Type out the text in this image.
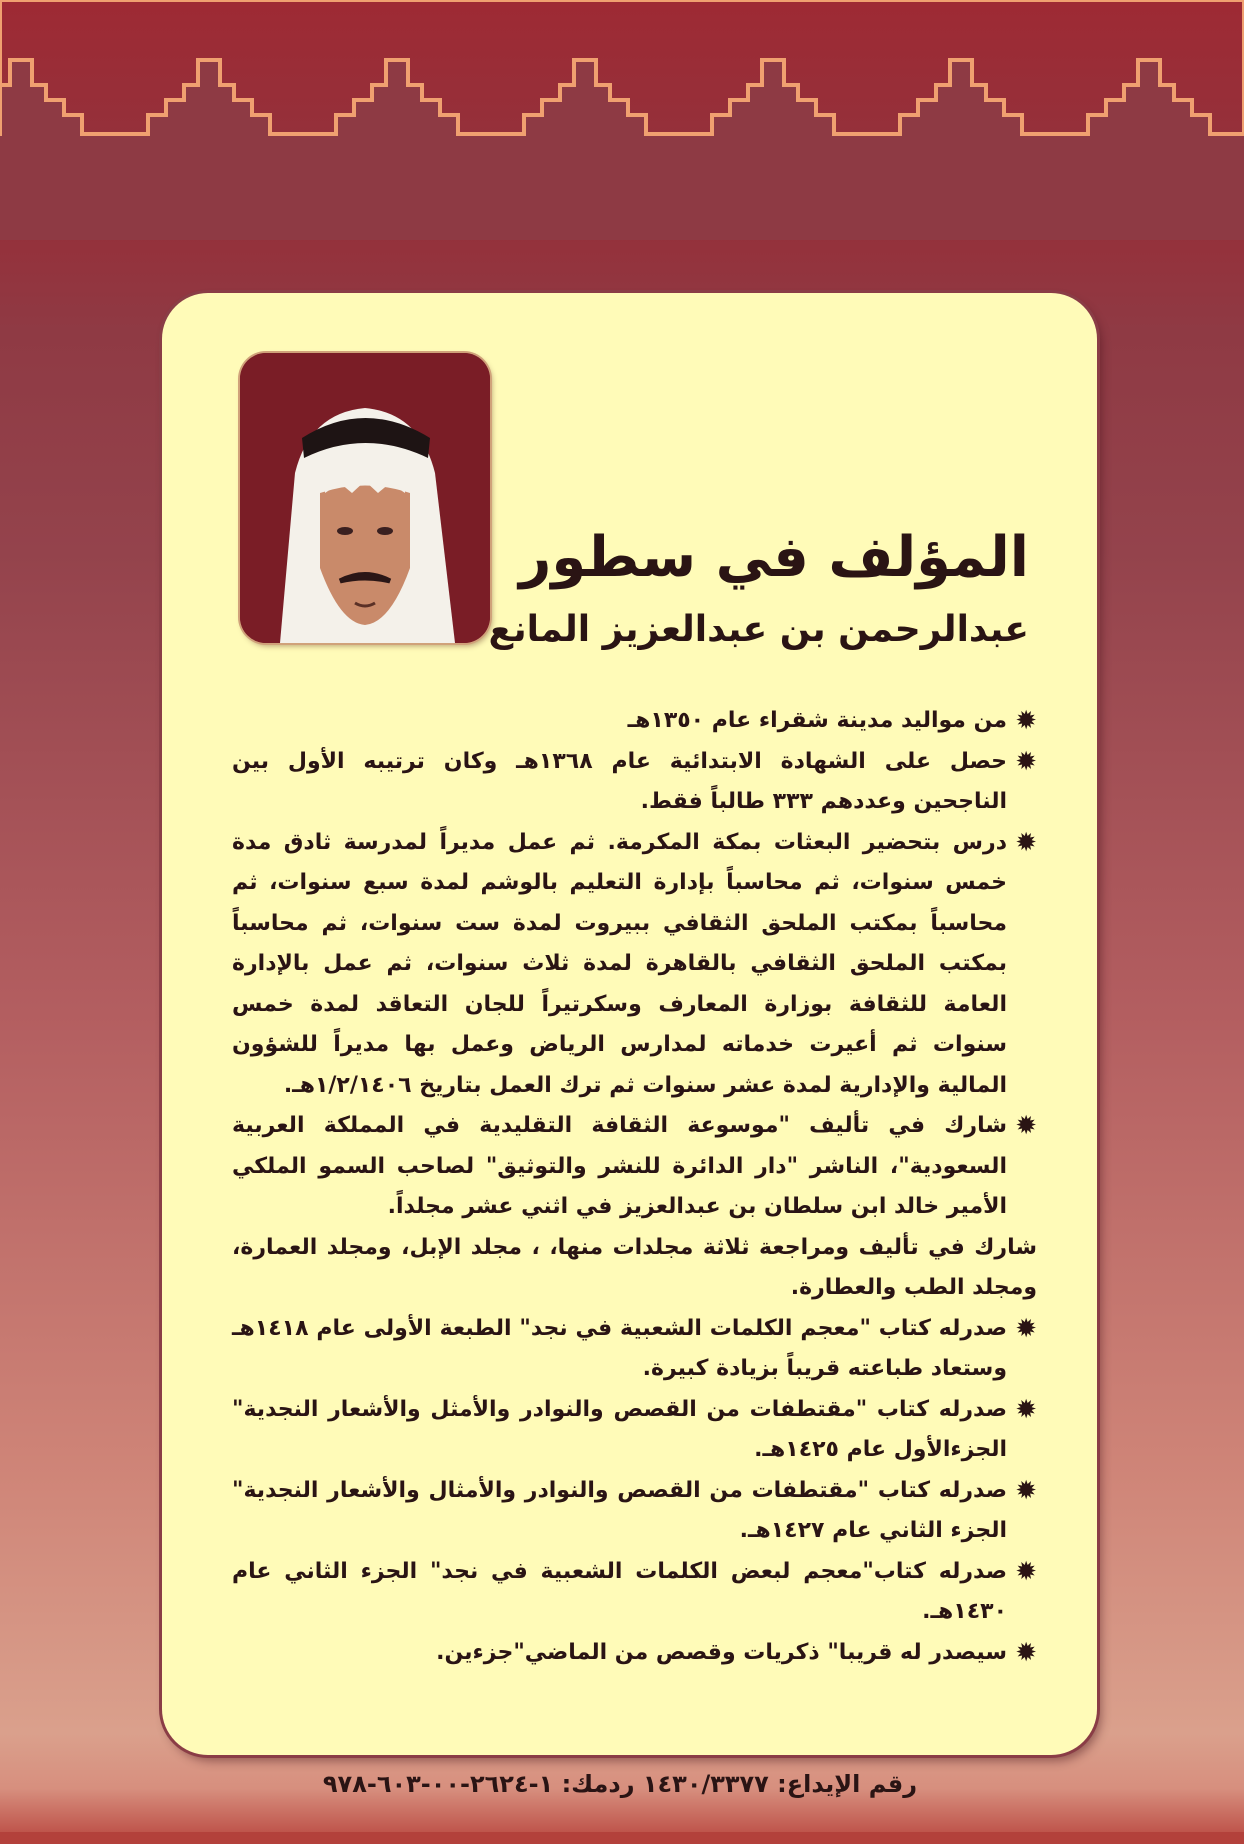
المؤلف في سطور
عبدالرحمن بن عبدالعزيز المانع
✹
من مواليد مدينة شقراء عام ١٣٥٠هـ
✹
حصل على الشهادة الابتدائية عام ١٣٦٨هـ وكان ترتيبه الأول بين الناجحين وعددهم ٣٣٣ طالباً فقط.
✹
درس بتحضير البعثات بمكة المكرمة. ثم عمل مديراً لمدرسة ثادق مدة خمس سنوات، ثم محاسباً بإدارة التعليم بالوشم لمدة سبع سنوات، ثم محاسباً بمكتب الملحق الثقافي ببيروت لمدة ست سنوات، ثم محاسباً بمكتب الملحق الثقافي بالقاهرة لمدة ثلاث سنوات، ثم عمل بالإدارة العامة للثقافة بوزارة المعارف وسكرتيراً للجان التعاقد لمدة خمس سنوات ثم أعيرت خدماته لمدارس الرياض وعمل بها مديراً للشؤون المالية والإدارية لمدة عشر سنوات ثم ترك العمل بتاريخ ١/٢/١٤٠٦هـ.
✹
شارك في تأليف "موسوعة الثقافة التقليدية في المملكة العربية السعودية"، الناشر "دار الدائرة للنشر والتوثيق" لصاحب السمو الملكي الأمير خالد ابن سلطان بن عبدالعزيز في اثني عشر مجلداً.
شارك في تأليف ومراجعة ثلاثة مجلدات منها، ، مجلد الإبل، ومجلد العمارة، ومجلد الطب والعطارة.
✹
صدرله كتاب "معجم الكلمات الشعبية في نجد" الطبعة الأولى عام ١٤١٨هـ وستعاد طباعته قريباً بزيادة كبيرة.
✹
صدرله كتاب "مقتطفات من القصص والنوادر والأمثل والأشعار النجدية" الجزءالأول عام ١٤٢٥هـ.
✹
صدرله كتاب "مقتطفات من القصص والنوادر والأمثال والأشعار النجدية" الجزء الثاني عام ١٤٢٧هـ.
✹
صدرله كتاب"معجم لبعض الكلمات الشعبية في نجد" الجزء الثاني عام ١٤٣٠هـ.
✹
سيصدر له قريبا" ذكريات وقصص من الماضي"جزءين.
رقم الإيداع: ١٤٣٠/٣٣٧٧ ردمك: ١-٢٦٢٤-٠٠-٦٠٣-٩٧٨
